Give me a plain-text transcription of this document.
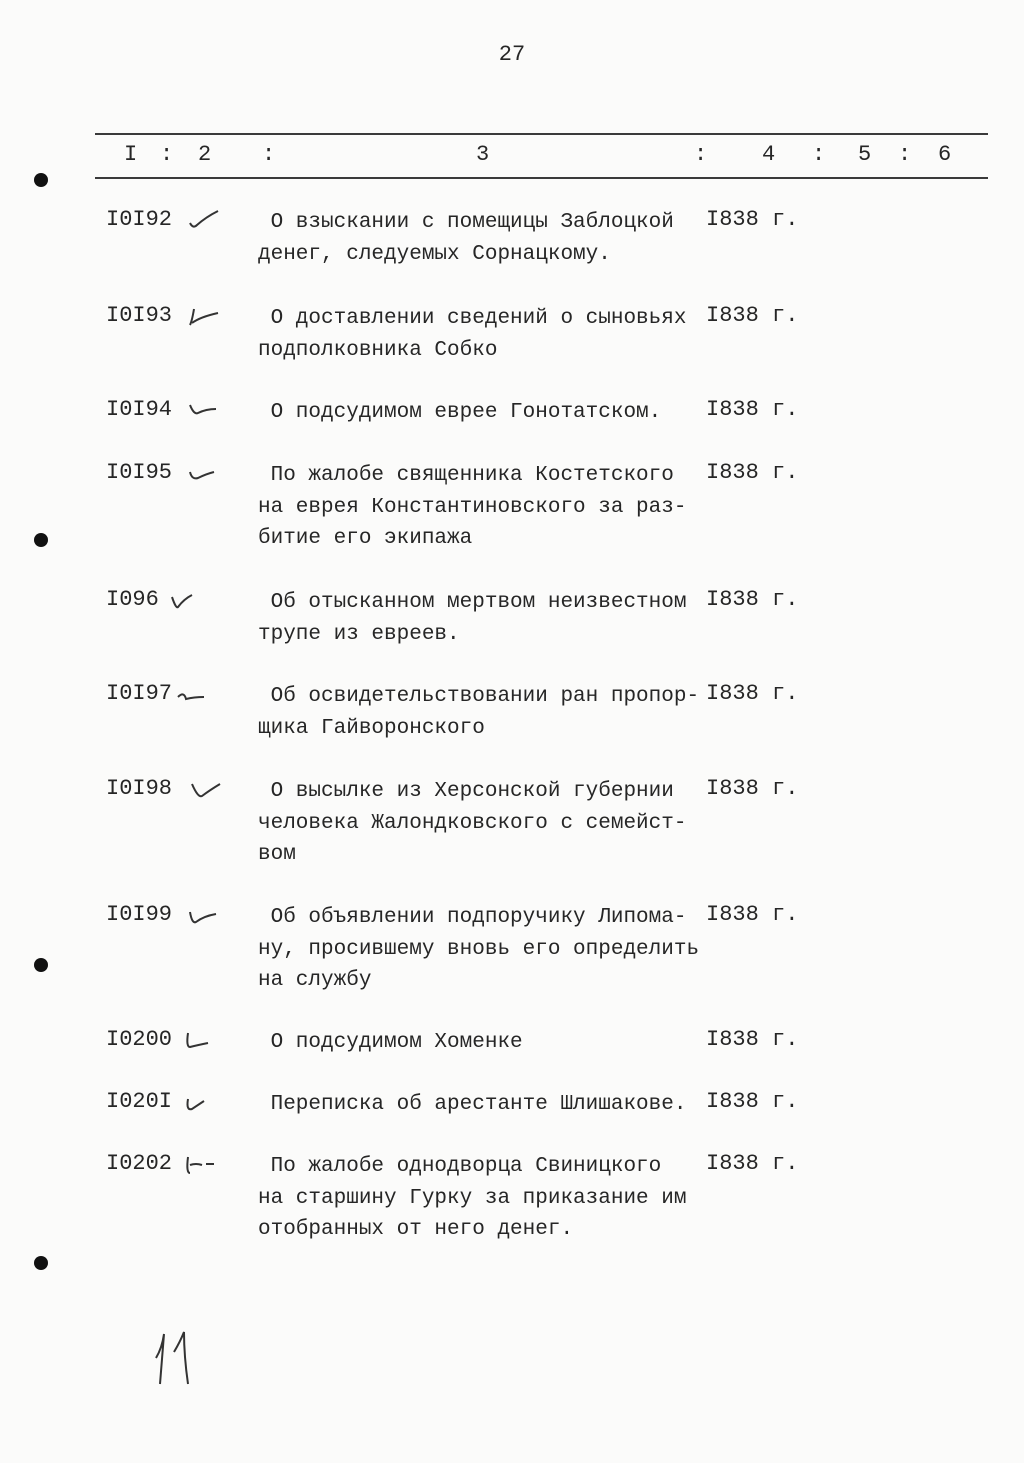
27
I : 2 :	3	: 4 : 5 : 6
I0I92	О взыскании с помещицы Заблоцкой
денег, следуемых Сорнацкому.
I838 г.
I0I93	О доставлении сведений о сыновьях
подполковника Собко
I838 г.
I0I94	О подсудимом еврее Гонотатском.	I838 г.
I0I95	По жалобе священника Костетского
на еврея Константиновского за раз-
битие его экипажа
I838 г.
I096	Об отысканном мертвом неизвестном
трупе из евреев.
I838 г.
I0I97	Об освидетельствовании ран пропор-
щика Гайворонского
I838 г.
I0I98	О высылке из Херсонской губернии
человека Жалондковского с семейст-
вом
I838 г.
I0I99	Об объявлении подпоручику Липома-
ну, просившему вновь его определить
на службу
I838 г.
I0200	О подсудимом Хоменке	I838 г.
I020I	Переписка об арестанте Шлишакове. I838 г.
I0202	По жалобе однодворца Свиницкого
на старшину Гурку за приказание им
отобранных от него денег.
I838 г.
